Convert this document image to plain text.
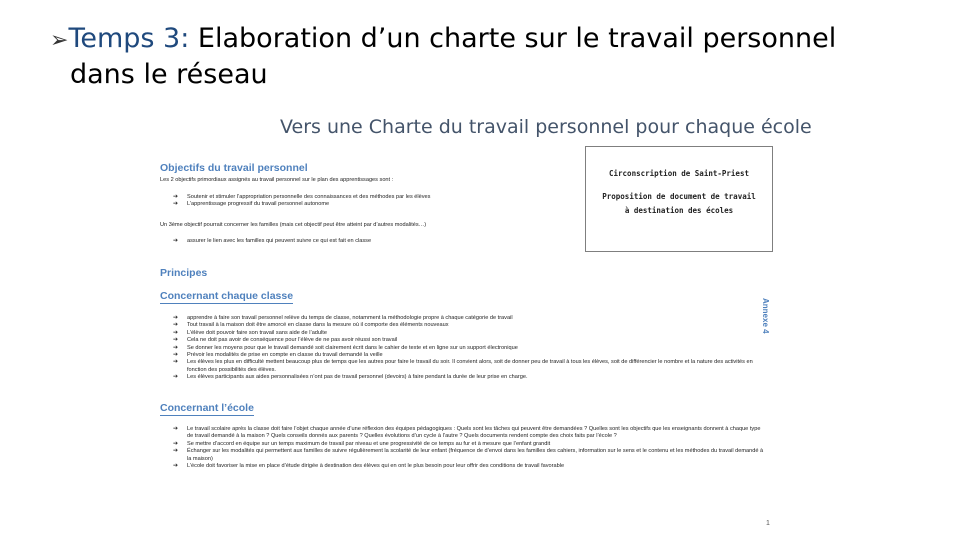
➢Temps 3: Elaboration d’un charte sur le travail personnel
dans le réseau
Vers une Charte du travail personnel pour chaque école
Circonscription de Saint-Priest
Proposition de document de travail
à destination des écoles
Objectifs du travail personnel
Les 2 objectifs primordiaux assignés au travail personnel sur le plan des apprentissages sont :
➔ Soutenir et stimuler l’appropriation personnelle des connaissances et des méthodes par les élèves
➔ L’apprentissage progressif du travail personnel autonome
Un 3ème objectif pourrait concerner les familles (mais cet objectif peut être atteint par d’autres modalités…)
➔ assurer le lien avec les familles qui peuvent suivre ce qui est fait en classe
Principes
Concernant chaque classe
➔ apprendre à faire son travail personnel relève du temps de classe, notamment la méthodologie propre à chaque catégorie de travail
➔ Tout travail à la maison doit être amorcé en classe dans la mesure où il comporte des éléments nouveaux
➔ L’élève doit pouvoir faire son travail sans aide de l’adulte
➔ Cela ne doit pas avoir de conséquence pour l’élève de ne pas avoir réussi son travail
➔ Se donner les moyens pour que le travail demandé soit clairement écrit dans le cahier de texte et en ligne sur un support électronique
➔ Prévoir les modalités de prise en compte en classe du travail demandé la veille
➔ Les élèves les plus en difficulté mettent beaucoup plus de temps que les autres pour faire le travail du soir. Il convient alors, soit de donner peu de travail à tous les élèves, soit de différencier le nombre et la nature des activités en fonction des possibilités des élèves.
➔ Les élèves participants aux aides personnalisées n’ont pas de travail personnel (devoirs) à faire pendant la durée de leur prise en charge.
Concernant l’école
➔ Le travail scolaire après la classe doit faire l’objet chaque année d’une réflexion des équipes pédagogiques : Quels sont les tâches qui peuvent être demandées ? Quelles sont les objectifs que les enseignants donnent à chaque type de travail demandé à la maison ? Quels conseils donnés aux parents ? Quelles évolutions d’un cycle à l’autre ? Quels documents rendent compte des choix faits par l’école ?
➔ Se mettre d’accord en équipe sur un temps maximum de travail par niveau et une progressivité de ce temps au fur et à mesure que l’enfant grandit
➔ Échanger sur les modalités qui permettent aux familles de suivre régulièrement la scolarité de leur enfant (fréquence de d’envoi dans les familles des cahiers, information sur le sens et le contenu et les méthodes du travail demandé à la maison)
➔ L’école doit favoriser la mise en place d’étude dirigée à destination des élèves qui en ont le plus besoin pour leur offrir des conditions de travail favorable
Annexe 4
1
